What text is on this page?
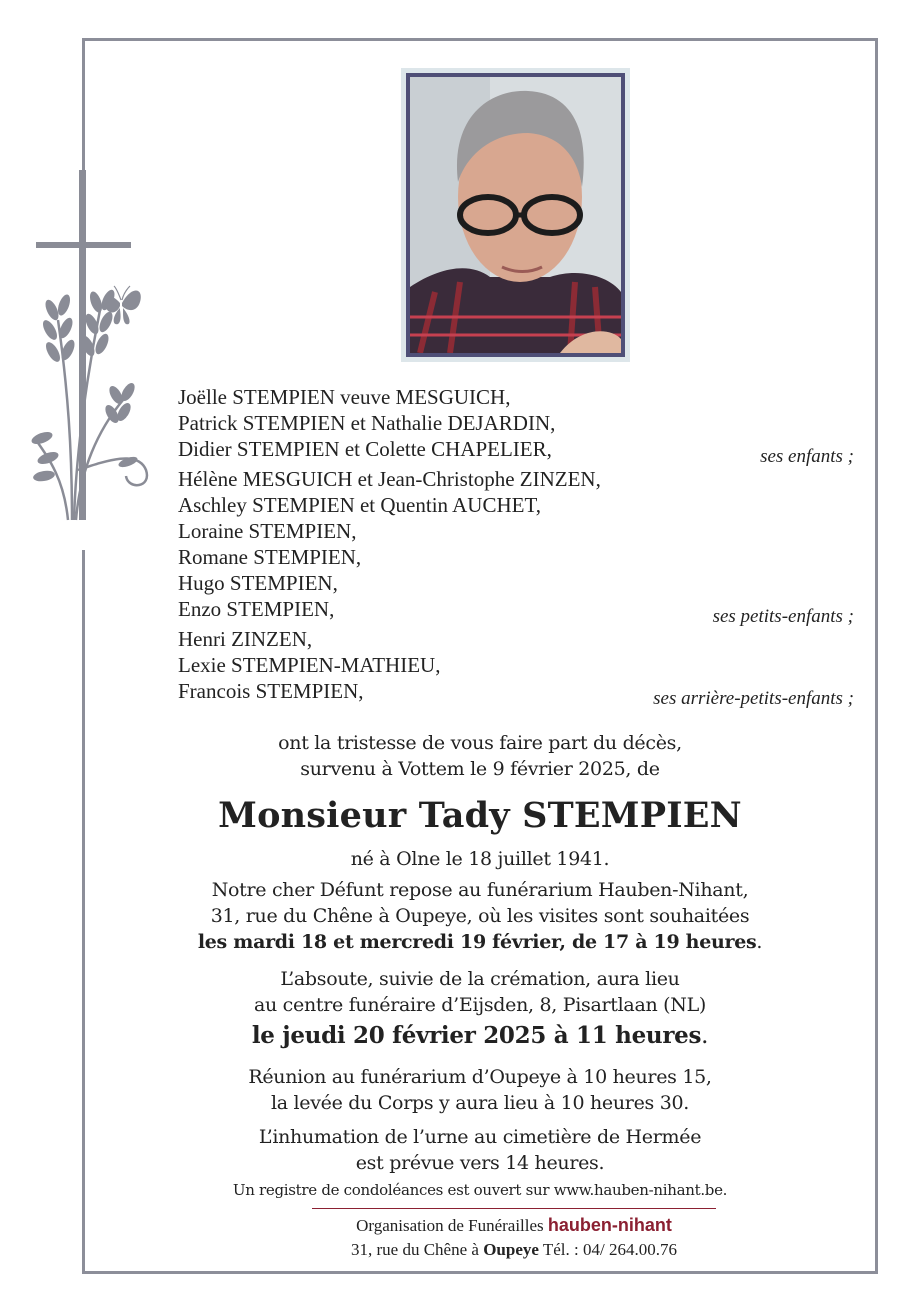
Joëlle STEMPIEN veuve MESGUICH,
Patrick STEMPIEN et Nathalie DEJARDIN,
Didier STEMPIEN et Colette CHAPELIER,	ses enfants ;
Hélène MESGUICH et Jean-Christophe ZINZEN,
Aschley STEMPIEN et Quentin AUCHET,
Loraine STEMPIEN,
Romane STEMPIEN,
Hugo STEMPIEN,
Enzo STEMPIEN,	ses petits-enfants ;
Henri ZINZEN,
Lexie STEMPIEN-MATHIEU,
Francois STEMPIEN,	ses arrière-petits-enfants ;
ont la tristesse de vous faire part du décès,
survenu à Vottem le 9 février 2025, de
Monsieur Tady STEMPIEN
né à Olne le 18 juillet 1941.
Notre cher Défunt repose au funérarium Hauben-Nihant,
31, rue du Chêne à Oupeye, où les visites sont souhaitées
les mardi 18 et mercredi 19 février, de 17 à 19 heures.
L’absoute, suivie de la crémation, aura lieu
au centre funéraire d’Eijsden, 8, Pisartlaan (NL)
le jeudi 20 février 2025 à 11 heures.
Réunion au funérarium d’Oupeye à 10 heures 15,
la levée du Corps y aura lieu à 10 heures 30.
L’inhumation de l’urne au cimetière de Hermée
est prévue vers 14 heures.
Un registre de condoléances est ouvert sur www.hauben-nihant.be.
Organisation de Funérailles hauben-nihant
31, rue du Chêne à Oupeye Tél. : 04/ 264.00.76
